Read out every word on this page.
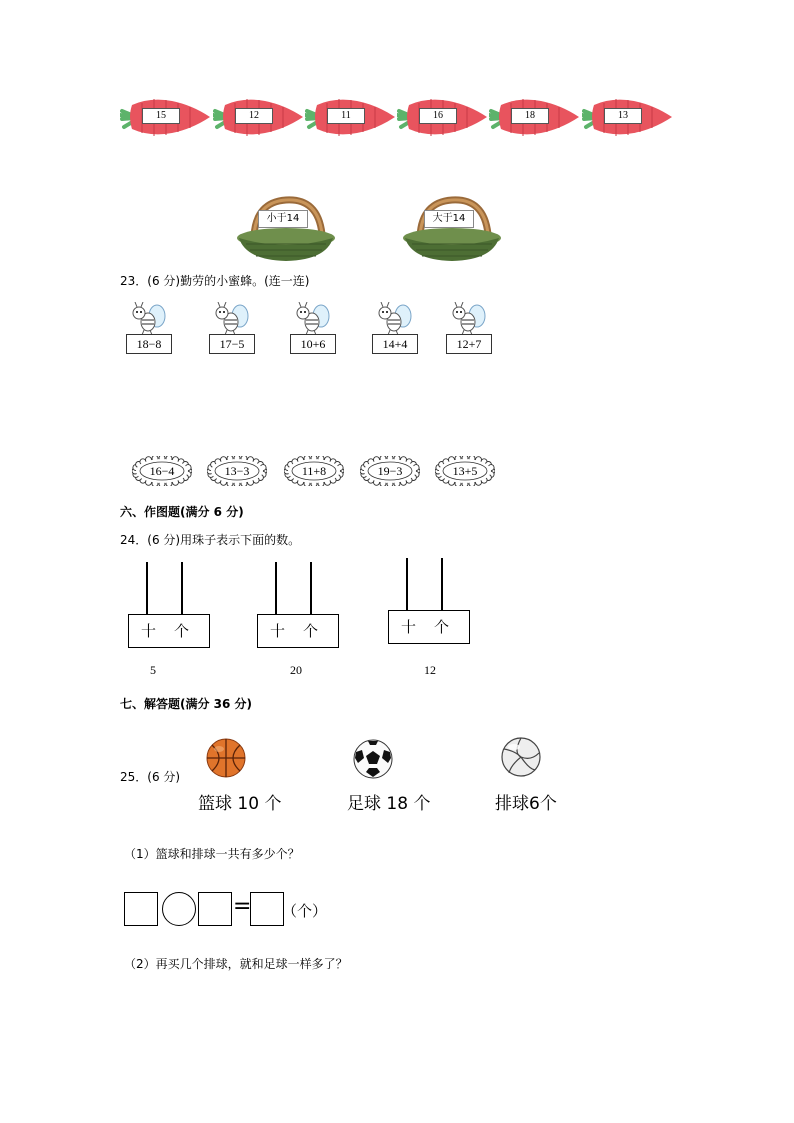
15	12	11	16	18	13
小于14	大于14
23．(6 分)勤劳的小蜜蜂。(连一连)
18−8	17−5	10+6	14+4	12+7
16−4	13−3	11+8	19−3	13+5
六、作图题(满分 6 分)
24．(6 分)用珠子表示下面的数。
十 个
5
十 个
20
十 个
12
七、解答题(满分 36 分)
25．(6 分)
篮球 10 个	足球 18 个	排球6个
（1）篮球和排球一共有多少个？
= （个）
（2）再买几个排球，就和足球一样多了？
